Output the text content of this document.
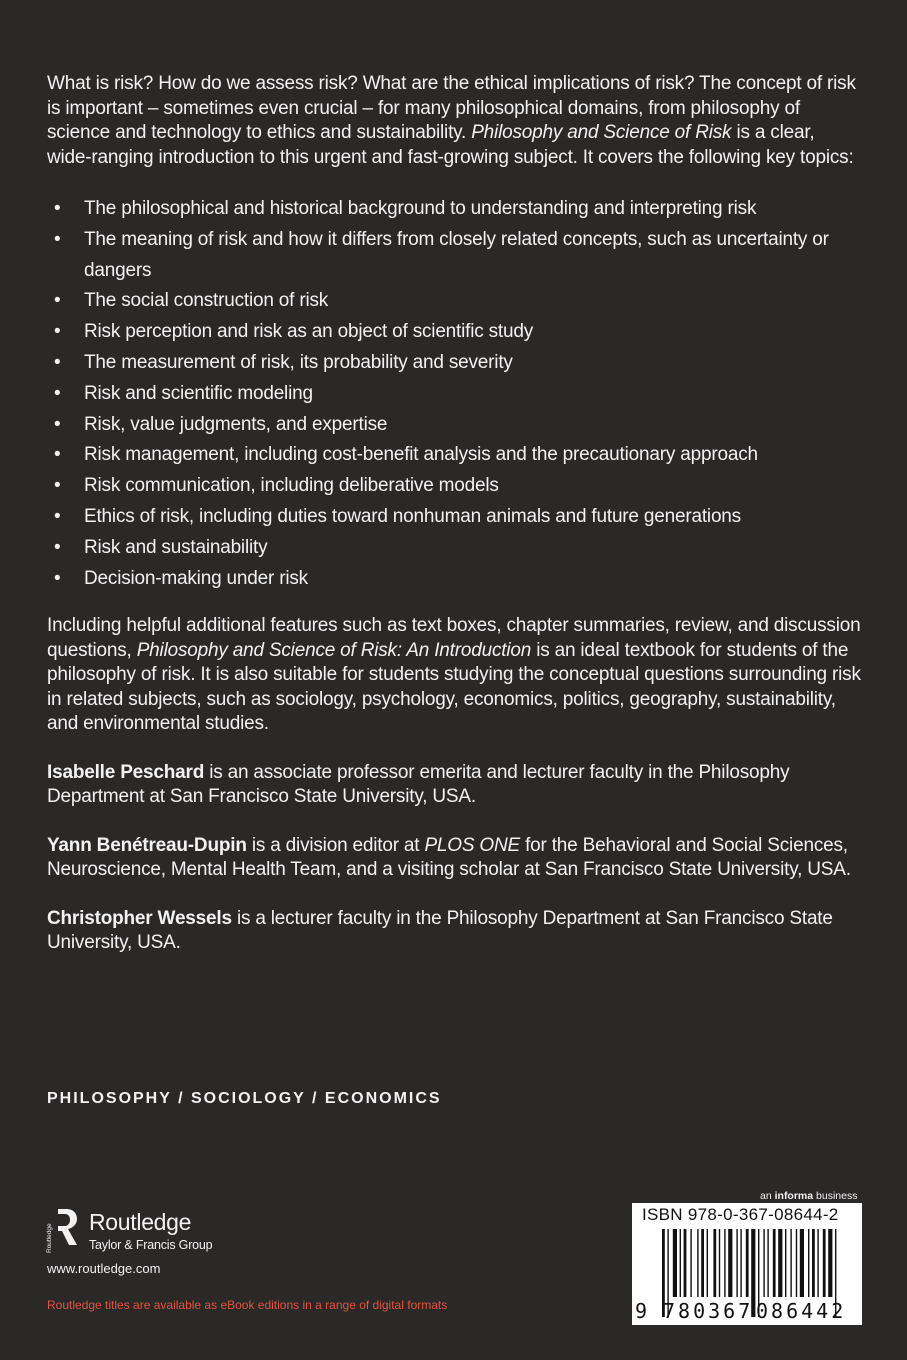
What is risk? How do we assess risk? What are the ethical implications of risk? The concept of risk is important – sometimes even crucial – for many philosophical domains, from philosophy of science and technology to ethics and sustainability. Philosophy and Science of Risk is a clear, wide-ranging introduction to this urgent and fast-growing subject. It covers the following key topics:

• The philosophical and historical background to understanding and interpreting risk
• The meaning of risk and how it differs from closely related concepts, such as uncertainty or dangers
• The social construction of risk
• Risk perception and risk as an object of scientific study
• The measurement of risk, its probability and severity
• Risk and scientific modeling
• Risk, value judgments, and expertise
• Risk management, including cost-benefit analysis and the precautionary approach
• Risk communication, including deliberative models
• Ethics of risk, including duties toward nonhuman animals and future generations
• Risk and sustainability
• Decision-making under risk

Including helpful additional features such as text boxes, chapter summaries, review, and discussion questions, Philosophy and Science of Risk: An Introduction is an ideal textbook for students of the philosophy of risk. It is also suitable for students studying the conceptual questions surrounding risk in related subjects, such as sociology, psychology, economics, politics, geography, sustainability, and environmental studies.

Isabelle Peschard is an associate professor emerita and lecturer faculty in the Philosophy Department at San Francisco State University, USA.

Yann Benétreau-Dupin is a division editor at PLOS ONE for the Behavioral and Social Sciences, Neuroscience, Mental Health Team, and a visiting scholar at San Francisco State University, USA.

Christopher Wessels is a lecturer faculty in the Philosophy Department at San Francisco State University, USA.

PHILOSOPHY / SOCIOLOGY / ECONOMICS
Routledge
Routledge
Taylor & Francis Group
www.routledge.com
Routledge titles are available as eBook editions in a range of digital formats
an informa business
ISBN 978-0-367-08644-2
9 780367 086442
